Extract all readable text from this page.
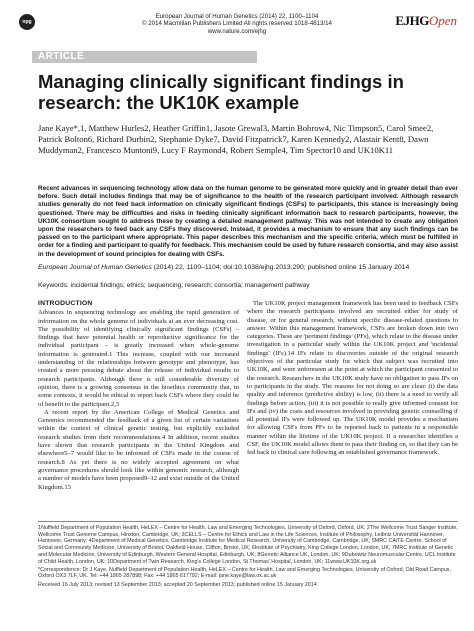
npg
European Journal of Human Genetics (2014) 22, 1100–1104
© 2014 Macmillan Publishers Limited All rights reserved 1018-4813/14
www.nature.com/ejhg
EJHGOpen
ARTICLE
Managing clinically significant findings in research: the UK10K example
Jane Kaye*,1, Matthew Hurles2, Heather Griffin1, Jasote Grewal3, Martin Bobrow4, Nic Timpson5, Carol Smee2, Patrick Bolton6, Richard Durbin2, Stephanie Dyke7, David Fitzpatrick7, Karen Kennedy2, Alastair Kent8, Dawn Muddyman2, Francesco Muntoni9, Lucy F Raymond4, Robert Semple4, Tim Spector10 and UK10K11
Recent advances in sequencing technology allow data on the human genome to be generated more quickly and in greater detail than ever before. Such detail includes findings that may be of significance to the health of the research participant involved. Although research studies generally do not feed back information on clinically significant findings (CSFs) to participants, this stance is increasingly being questioned. There may be difficulties and risks in feeding clinically significant information back to research participants, however, the UK10K consortium sought to address these by creating a detailed management pathway. This was not intended to create any obligation upon the researchers to feed back any CSFs they discovered. Instead, it provides a mechanism to ensure that any such findings can be passed on to the participant where appropriate. This paper describes this mechanism and the specific criteria, which must be fulfilled in order for a finding and participant to qualify for feedback. This mechanism could be used by future research consortia, and may also assist in the development of sound principles for dealing with CSFs.
European Journal of Human Genetics (2014) 22, 1100–1104; doi:10.1038/ejhg.2013.290; published online 15 January 2014
Keywords: incidental findings; ethics; sequencing; research; consortia; management pathway
INTRODUCTION

Advances in sequencing technology are enabling the rapid generation of information on the whole genome of individuals at an ever decreasing cost. The possibility of identifying clinically significant findings (CSFs) – findings that have potential health or reproductive significance for the individual participant – is greatly increased when whole-genome information is generated.1 This increase, coupled with our increased understanding of the relationships between genotype and phenotype, has created a more pressing debate about the release of individual results to research participants. Although there is still considerable diversity of opinion, there is a growing consensus in the bioethics community that, in some contexts, it would be ethical to report back CSFs where they could be of benefit to the participant.2,3

A recent report by the American College of Medical Genetics and Genomics recommended the feedback of a given list of certain variations within the context of clinical genetic testing, but explicitly excluded research studies from their recommendations.4 In addition, recent studies have shown that research participants in the United Kingdom and elsewhere5–7 would like to be informed of CSFs made in the course of research.8 As yet there is no widely accepted agreement on what governance procedures should look like within genomic research, although a number of models have been proposed9–12 and exist outside of the United Kingdom.13

The UK10K project management framework has been used to feedback CSFs where the research participants involved are recruited either for study of disease, or for general research, without specific disease-related questions to answer. Within this management framework, CSFs are broken down into two categories. These are 'pertinent findings' (PFs), which relate to the disease under investigation in a particular study within the UK10K project and 'incidental findings' (IFs).14 IFs relate to discoveries outside of the original research objectives of the particular study for which that subject was recruited into UK10K, and were unforeseen at the point at which the participant consented to the research. Researchers in the UK10K study have no obligation to pass IFs on to participants in the study. The reasons for not doing so are clear: (i) the data quality and inference (predictive ability) is low, (ii) there is a need to verify all findings before action, (iii) it is not possible to really give informed consent for IFs and (iv) the costs and resources involved in providing genetic counselling if all potential IFs were followed up. The UK10K model provides a mechanism for allowing CSFs from PFs to be reported back to patients in a responsible manner within the lifetime of the UK10K project. If a researcher identifies a CSF, the UK10K model allows them to pass their finding on, so that they can be fed back to clinical care following an established governance framework.

1Nuffield Department of Population Health, HeLEX – Centre for Health, Law and Emerging Technologies, University of Oxford, Oxford, UK; 2The Wellcome Trust Sanger Institute, Wellcome Trust Genome Campus, Hinxton, Cambridge, UK; 3CELLS – Centre for Ethics and Law in the Life Sciences, Institute of Philosophy, Leibniz Universität Hannover, Hannover, Germany; 4Department of Medical Genetics, Cambridge Institute for Medical Research, University of Cambridge, Cambridge, UK; 5MRC CAiTE Centre, School of Social and Community Medicine, University of Bristol, Oakfield House, Clifton, Bristol, UK; 6Institute of Psychiatry, King College London, London, UK; 7MRC Institute of Genetic and Molecular Medicine, University of Edinburgh, Western General Hospital, Edinburgh, UK; 8Genetic Alliance UK, London, UK; 9Dubowitz Neuromuscular Centre, UCL Institute of Child Health, London, UK; 10Department of Twin Research, King's College London, St Thomas' Hospital, London, UK; 11www.UK10K.org.uk

*Correspondence: Dr J Kaye, Nuffield Department of Population Health, HeLEX – Centre for Health, Law and Emerging Technologies, University of Oxford, Old Road Campus, Oxford OX3 7LF, UK. Tel: +44 1865 287898; Fax: +44 1865 617792; E-mail: jane.kaye@law.ox.ac.uk

Received 16 July 2013; revised 13 September 2013; accepted 20 September 2013; published online 15 January 2014
